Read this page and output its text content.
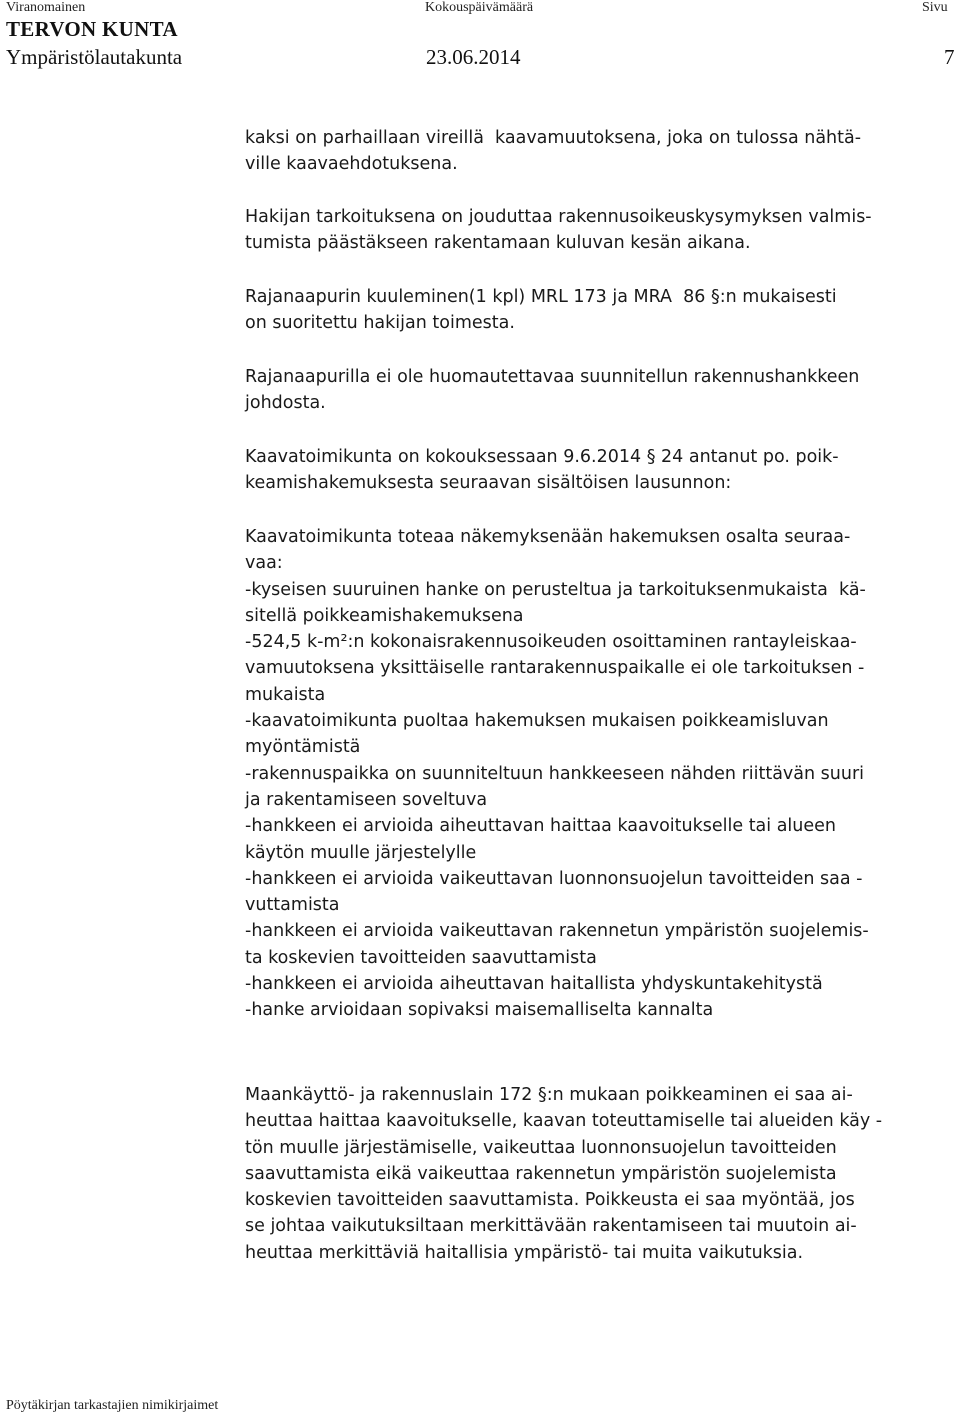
Viranomainen	Kokouspäivämäärä	Sivu
TERVON KUNTA
Ympäristölautakunta	23.06.2014	7
kaksi on parhaillaan vireillä  kaavamuutoksena, joka on tulossa nähtä-
ville kaavaehdotuksena.
Hakijan tarkoituksena on jouduttaa rakennusoikeuskysymyksen valmis-
tumista päästäkseen rakentamaan kuluvan kesän aikana.
Rajanaapurin kuuleminen(1 kpl) MRL 173 ja MRA  86 §:n mukaisesti
on suoritettu hakijan toimesta.
Rajanaapurilla ei ole huomautettavaa suunnitellun rakennushankkeen
johdosta.
Kaavatoimikunta on kokouksessaan 9.6.2014 § 24 antanut po. poik-
keamishakemuksesta seuraavan sisältöisen lausunnon:
Kaavatoimikunta toteaa näkemyksenään hakemuksen osalta seuraa-
vaa:
-kyseisen suuruinen hanke on perusteltua ja tarkoituksenmukaista  kä-
sitellä poikkeamishakemuksena
-524,5 k-m²:n kokonaisrakennusoikeuden osoittaminen rantayleiskaa-
vamuutoksena yksittäiselle rantarakennuspaikalle ei ole tarkoituksen -
mukaista
-kaavatoimikunta puoltaa hakemuksen mukaisen poikkeamisluvan
myöntämistä
-rakennuspaikka on suunniteltuun hankkeeseen nähden riittävän suuri
ja rakentamiseen soveltuva
-hankkeen ei arvioida aiheuttavan haittaa kaavoitukselle tai alueen
käytön muulle järjestelylle
-hankkeen ei arvioida vaikeuttavan luonnonsuojelun tavoitteiden saa -
vuttamista
-hankkeen ei arvioida vaikeuttavan rakennetun ympäristön suojelemis-
ta koskevien tavoitteiden saavuttamista
-hankkeen ei arvioida aiheuttavan haitallista yhdyskuntakehitystä
-hanke arvioidaan sopivaksi maisemalliselta kannalta
Maankäyttö- ja rakennuslain 172 §:n mukaan poikkeaminen ei saa ai-
heuttaa haittaa kaavoitukselle, kaavan toteuttamiselle tai alueiden käy -
tön muulle järjestämiselle, vaikeuttaa luonnonsuojelun tavoitteiden
saavuttamista eikä vaikeuttaa rakennetun ympäristön suojelemista
koskevien tavoitteiden saavuttamista. Poikkeusta ei saa myöntää, jos
se johtaa vaikutuksiltaan merkittävään rakentamiseen tai muutoin ai-
heuttaa merkittäviä haitallisia ympäristö- tai muita vaikutuksia.
Pöytäkirjan tarkastajien nimikirjaimet
